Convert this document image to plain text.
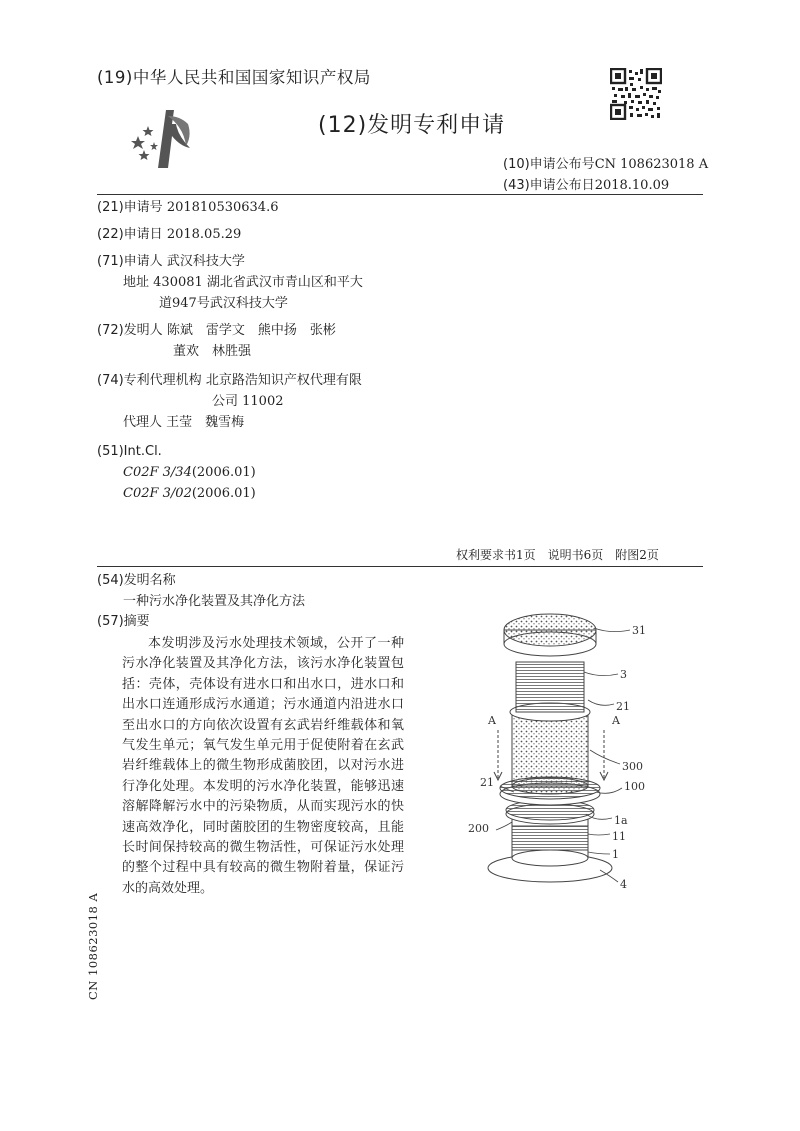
(19)中华人民共和国国家知识产权局
(12)发明专利申请
(10)申请公布号CN 108623018 A
(43)申请公布日2018.10.09
(21)申请号 201810530634.6
(22)申请日 2018.05.29
(71)申请人 武汉科技大学
地址 430081 湖北省武汉市青山区和平大
道947号武汉科技大学
(72)发明人 陈斌　雷学文　熊中扬　张彬
董欢　林胜强
(74)专利代理机构 北京路浩知识产权代理有限
公司 11002
代理人 王莹　魏雪梅
(51)Int.Cl.
C02F 3/34(2006.01)
C02F 3/02(2006.01)
权利要求书1页　说明书6页　附图2页
(54)发明名称
一种污水净化装置及其净化方法
(57)摘要
本发明涉及污水处理技术领域，公开了一种污水净化装置及其净化方法，该污水净化装置包括：壳体，壳体设有进水口和出水口，进水口和出水口连通形成污水通道；污水通道内沿进水口至出水口的方向依次设置有玄武岩纤维载体和氧气发生单元；氧气发生单元用于促使附着在玄武岩纤维载体上的微生物形成菌胶团，以对污水进行净化处理。本发明的污水净化装置，能够迅速溶解降解污水中的污染物质，从而实现污水的快速高效净化，同时菌胶团的生物密度较高，且能长时间保持较高的微生物活性，可保证污水处理的整个过程中具有较高的微生物附着量，保证污水的高效处理。
31
3
21
A	A
300
21	100
1a
200
11
1
4
CN 108623018 A
